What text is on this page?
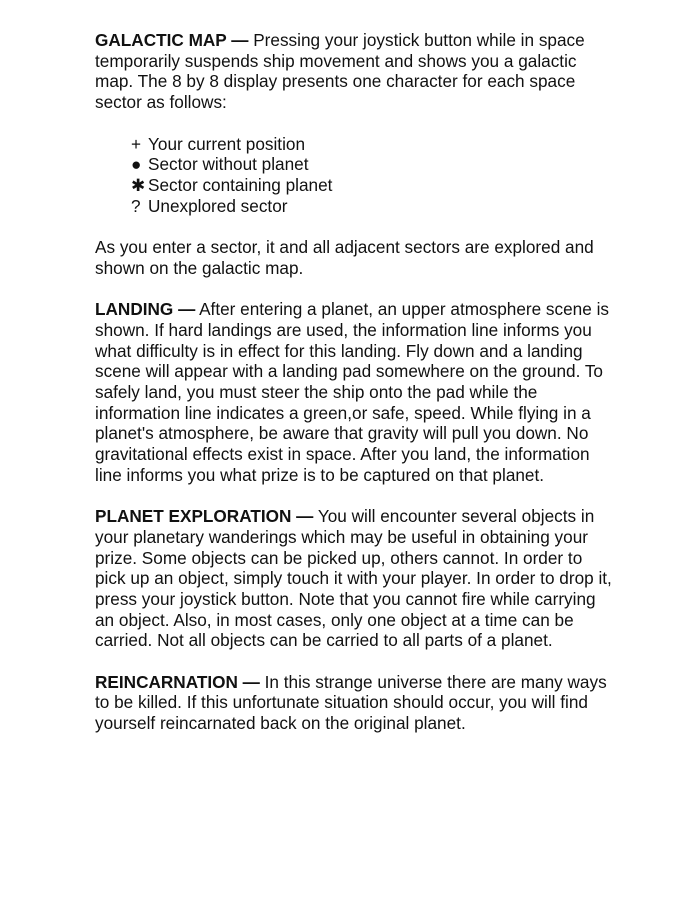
GALACTIC MAP — Pressing your joystick button while in space temporarily suspends ship movement and shows you a galactic map. The 8 by 8 display presents one character for each space sector as follows:

+ Your current position
● Sector without planet
✱ Sector containing planet
? Unexplored sector

As you enter a sector, it and all adjacent sectors are explored and shown on the galactic map.

LANDING — After entering a planet, an upper atmosphere scene is shown. If hard landings are used, the information line informs you what difficulty is in effect for this landing. Fly down and a landing scene will appear with a landing pad somewhere on the ground. To safely land, you must steer the ship onto the pad while the information line indicates a green,or safe, speed. While flying in a planet's atmosphere, be aware that gravity will pull you down. No gravitational effects exist in space. After you land, the information line informs you what prize is to be captured on that planet.

PLANET EXPLORATION — You will encounter several objects in your planetary wanderings which may be useful in obtaining your prize. Some objects can be picked up, others cannot. In order to pick up an object, simply touch it with your player. In order to drop it, press your joystick button. Note that you cannot fire while carrying an object. Also, in most cases, only one object at a time can be carried. Not all objects can be carried to all parts of a planet.

REINCARNATION — In this strange universe there are many ways to be killed. If this unfortunate situation should occur, you will find yourself reincarnated back on the original planet.
